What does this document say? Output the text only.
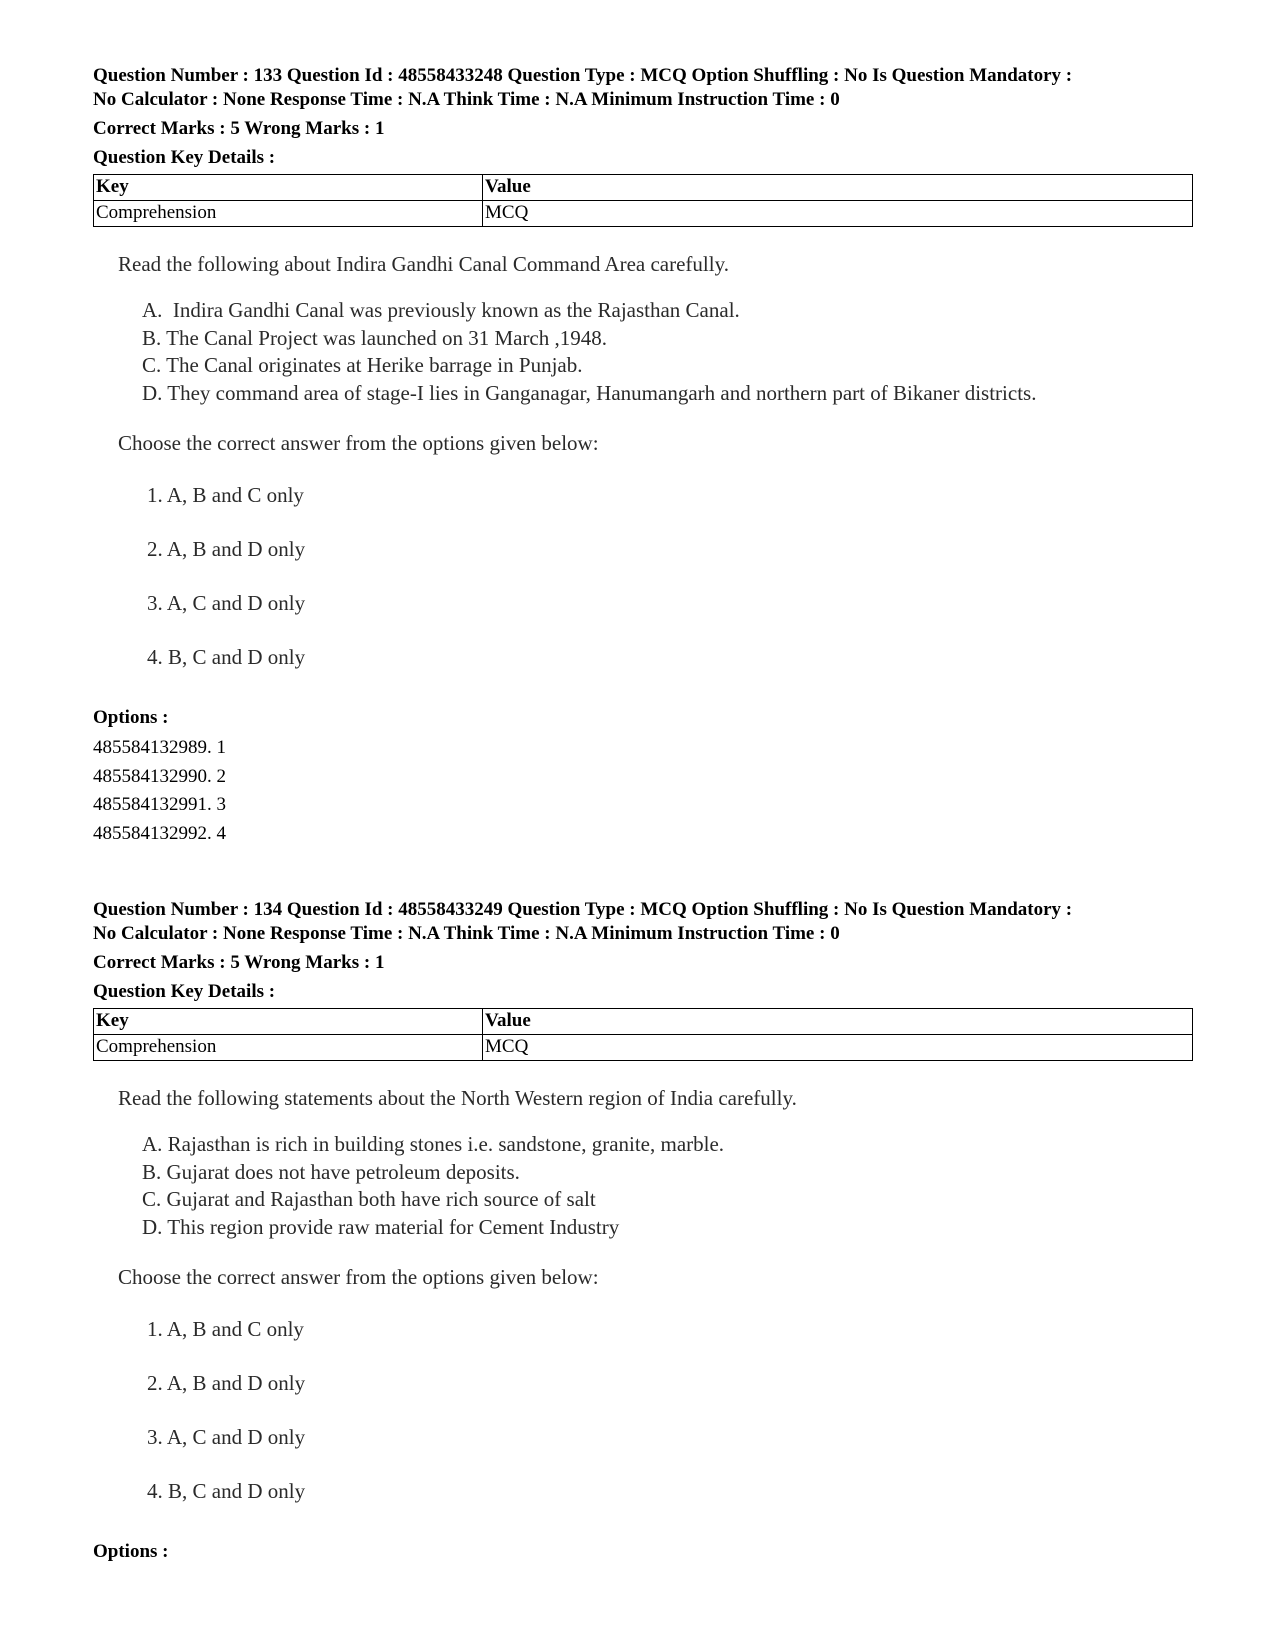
Question Number : 133 Question Id : 48558433248 Question Type : MCQ Option Shuffling : No Is Question Mandatory :
No Calculator : None Response Time : N.A Think Time : N.A Minimum Instruction Time : 0
Correct Marks : 5 Wrong Marks : 1
Question Key Details :
Key	Value
Comprehension	MCQ
Read the following about Indira Gandhi Canal Command Area carefully.
A.  Indira Gandhi Canal was previously known as the Rajasthan Canal.
B. The Canal Project was launched on 31 March ,1948.
C. The Canal originates at Herike barrage in Punjab.
D. They command area of stage-I lies in Ganganagar, Hanumangarh and northern part of Bikaner districts.
Choose the correct answer from the options given below:
1. A, B and C only
2. A, B and D only
3. A, C and D only
4. B, C and D only
Options :
485584132989. 1
485584132990. 2
485584132991. 3
485584132992. 4
Question Number : 134 Question Id : 48558433249 Question Type : MCQ Option Shuffling : No Is Question Mandatory :
No Calculator : None Response Time : N.A Think Time : N.A Minimum Instruction Time : 0
Correct Marks : 5 Wrong Marks : 1
Question Key Details :
Key	Value
Comprehension	MCQ
Read the following statements about the North Western region of India carefully.
A. Rajasthan is rich in building stones i.e. sandstone, granite, marble.
B. Gujarat does not have petroleum deposits.
C. Gujarat and Rajasthan both have rich source of salt
D. This region provide raw material for Cement Industry
Choose the correct answer from the options given below:
1. A, B and C only
2. A, B and D only
3. A, C and D only
4. B, C and D only
Options :
